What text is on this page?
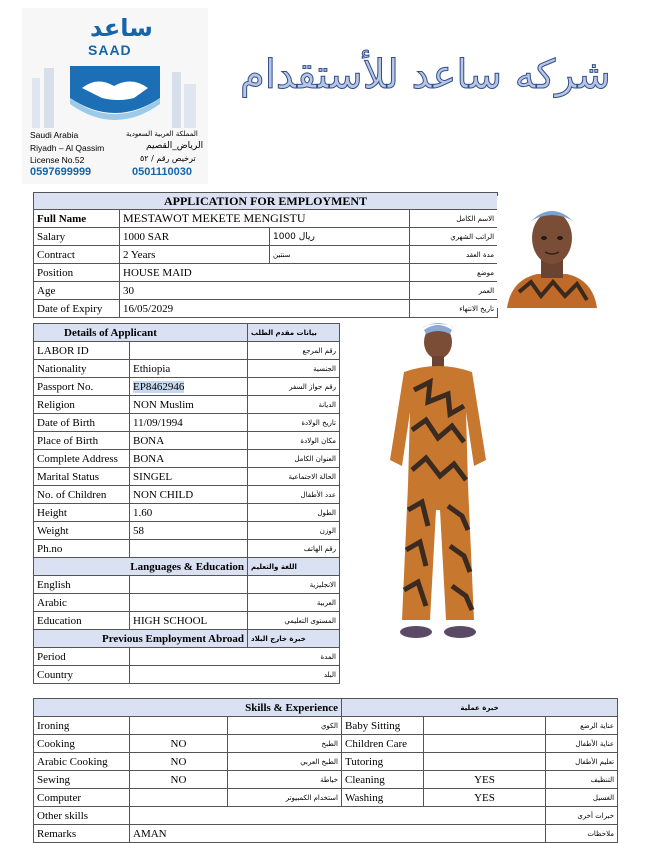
ساعد
SAAD
Saudi Arabia	المملكة العربية السعودية
Riyadh – Al Qassim	الرياض_القصيم
License No.52	ترخيص رقم / ٥٢
0597699999	0501110030
شركه ساعد للأستقدام
APPLICATION FOR EMPLOYMENT			
Full Name	MESTAWOT MEKETE MENGISTU		الاسم الكامل
Salary	1000 SAR	ريال 1000	الراتب الشهري
Contract	2 Years	سنتين	مدة العقد
Position	HOUSE MAID		موضع
Age	30		العمر
Date of Expiry	16/05/2029		تاريخ الانتهاء
Details of Applicant		بيانات مقدم الطلب
LABOR ID		رقم المرجع
Nationality	Ethiopia	الجنسية
Passport No.	EP8462946	رقم جواز السفر
Religion	NON Muslim	الديانة
Date of Birth	11/09/1994	تاريخ الولادة
Place of Birth	BONA	مكان الولادة
Complete Address	BONA	العنوان الكامل
Marital Status	SINGEL	الحالة الاجتماعية
No. of Children	NON CHILD	عدد الأطفال
Height	1.60	الطول
Weight	58	الوزن
Ph.no		رقم الهاتف
Languages & Education		اللغة والتعليم
English		الانجليزية
Arabic		العربية
Education	HIGH SCHOOL	المستوى التعليمي
Previous Employment Abroad		خبرة خارج البلاد
Period	المدة	
Country	البلد	
Skills & Experience			خبرة عملية		
Ironing		الكوي	Baby Sitting		عناية الرضع
Cooking	NO	الطبخ	Children Care		عناية الأطفال
Arabic Cooking	NO	الطبخ العربي	Tutoring		تعليم الأطفال
Sewing	NO	خياطة	Cleaning	YES	التنظيف
Computer		استخدام الكمبيوتر	Washing	YES	الغسيل
Other skills					خبرات أخرى
Remarks	AMAN				ملاحظات
